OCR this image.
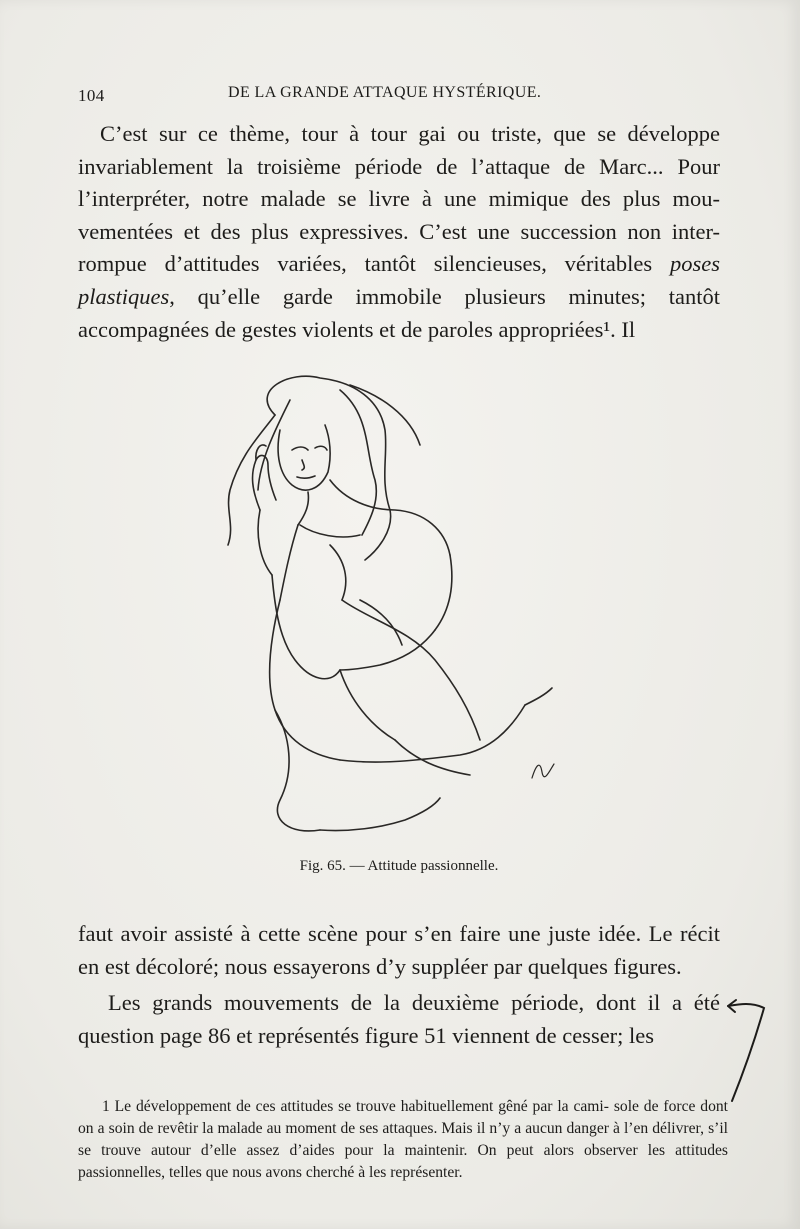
104	DE LA GRANDE ATTAQUE HYSTÉRIQUE.

C’est sur ce thème, tour à tour gai ou triste, que se développe invariablement la troisième période de l’attaque de Marc... Pour l’interpréter, notre malade se livre à une mimique des plus mou- vementées et des plus expressives. C’est une succession non inter- rompue d’attitudes variées, tantôt silencieuses, véritables poses plastiques, qu’elle garde immobile plusieurs minutes; tantôt accompagnées de gestes violents et de paroles appropriées¹. Il

Fig. 65. — Attitude passionnelle.

faut avoir assisté à cette scène pour s’en faire une juste idée. Le récit en est décoloré; nous essayerons d’y suppléer par quelques figures.

Les grands mouvements de la deuxième période, dont il a été question page 86 et représentés figure 51 viennent de cesser; les

1 Le développement de ces attitudes se trouve habituellement gêné par la cami- sole de force dont on a soin de revêtir la malade au moment de ses attaques. Mais il n’y a aucun danger à l’en délivrer, s’il se trouve autour d’elle assez d’aides pour la maintenir. On peut alors observer les attitudes passionnelles, telles que nous avons cherché à les représenter.
